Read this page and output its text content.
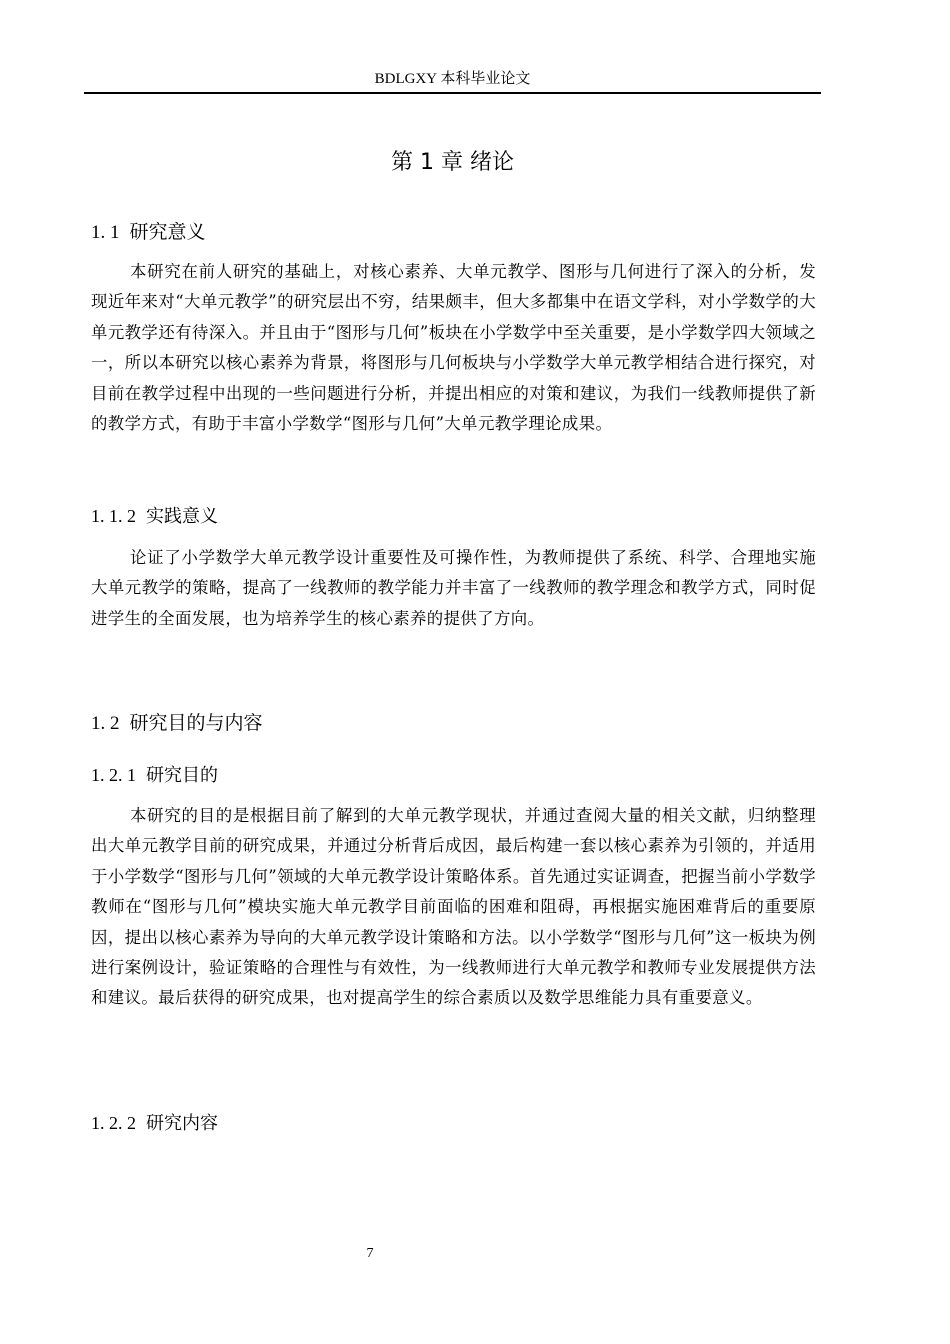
BDLGXY 本科毕业论文
第 1 章 绪论
1. 1 研究意义
本研究在前人研究的基础上，对核心素养、大单元教学、图形与几何进行了深入的分析，发现近年来对“大单元教学”的研究层出不穷，结果颇丰，但大多都集中在语文学科，对小学数学的大单元教学还有待深入。并且由于“图形与几何”板块在小学数学中至关重要，是小学数学四大领域之一，所以本研究以核心素养为背景，将图形与几何板块与小学数学大单元教学相结合进行探究，对目前在教学过程中出现的一些问题进行分析，并提出相应的对策和建议，为我们一线教师提供了新的教学方式，有助于丰富小学数学“图形与几何”大单元教学理论成果。
1. 1. 2 实践意义
论证了小学数学大单元教学设计重要性及可操作性，为教师提供了系统、科学、合理地实施大单元教学的策略，提高了一线教师的教学能力并丰富了一线教师的教学理念和教学方式，同时促进学生的全面发展，也为培养学生的核心素养的提供了方向。
1. 2 研究目的与内容
1. 2. 1 研究目的
本研究的目的是根据目前了解到的大单元教学现状，并通过查阅大量的相关文献，归纳整理出大单元教学目前的研究成果，并通过分析背后成因，最后构建一套以核心素养为引领的，并适用于小学数学“图形与几何”领域的大单元教学设计策略体系。首先通过实证调查，把握当前小学数学教师在“图形与几何”模块实施大单元教学目前面临的困难和阻碍，再根据实施困难背后的重要原因，提出以核心素养为导向的大单元教学设计策略和方法。以小学数学“图形与几何”这一板块为例进行案例设计，验证策略的合理性与有效性，为一线教师进行大单元教学和教师专业发展提供方法和建议。最后获得的研究成果，也对提高学生的综合素质以及数学思维能力具有重要意义。
1. 2. 2 研究内容
7
